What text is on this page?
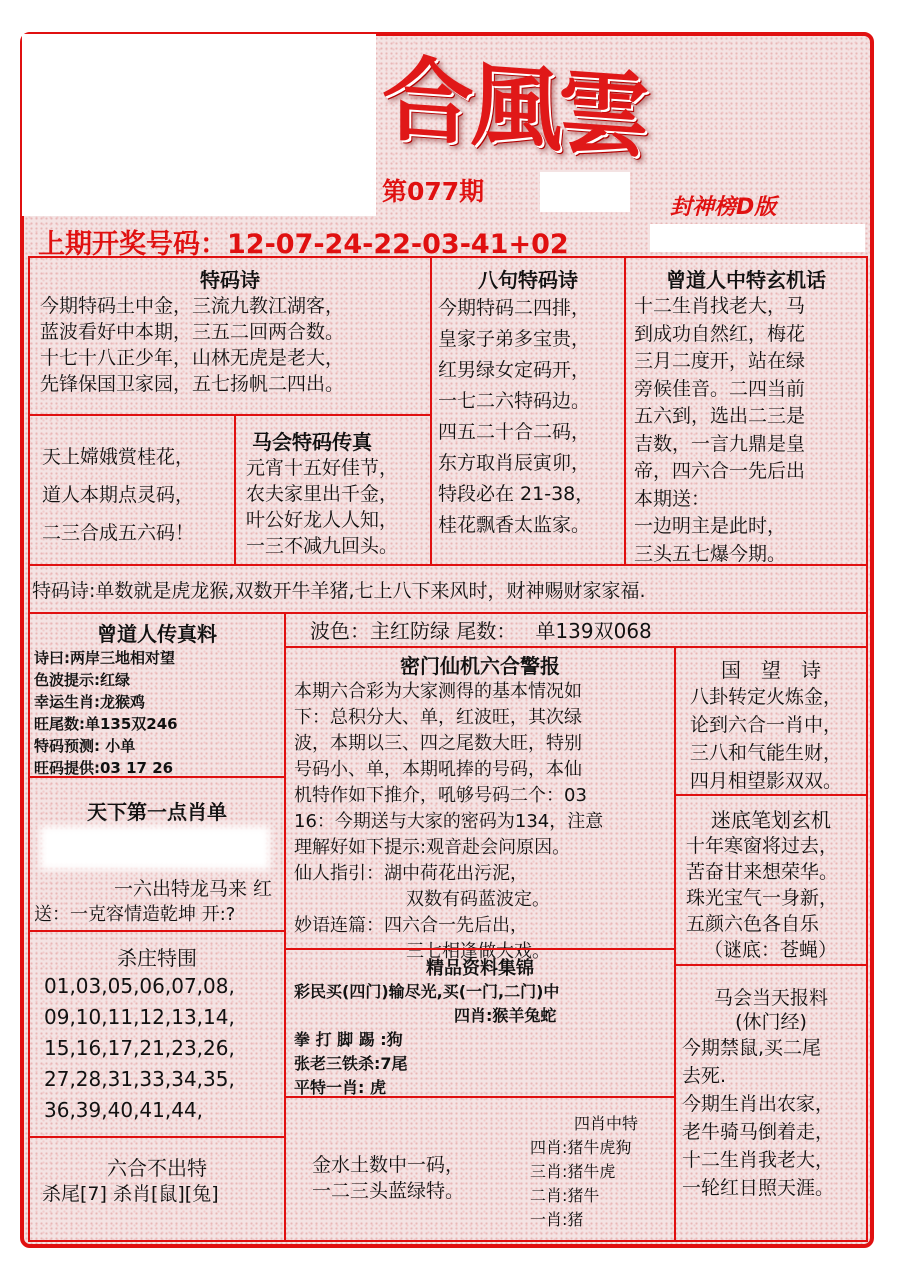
合風雲
第077期
封神榜D版
上期开奖号码：12-07-24-22-03-41+02
特码诗
今期特码土中金，三流九教江湖客，
蓝波看好中本期，三五二回两合数。
十七十八正少年，山林无虎是老大，
先锋保国卫家园，五七扬帆二四出。
八句特码诗
今期特码二四排，
皇家子弟多宝贵，
红男绿女定码开，
一七二六特码边。
四五二十合二码，
东方取肖辰寅卯，
特段必在 21-38，
桂花飘香太监家。
曾道人中特玄机话
十二生肖找老大，马
到成功自然红，梅花
三月二度开，站在绿
旁候佳音。二四当前
五六到，选出二三是
吉数，一言九鼎是皇
帝，四六合一先后出
本期送：
一边明主是此时，
三头五七爆今期。
天上嫦娥赏桂花，
道人本期点灵码，
二三合成五六码！
马会特码传真
元宵十五好佳节，
农夫家里出千金，
叶公好龙人人知，
一三不减九回头。
特码诗:单数就是虎龙猴,双数开牛羊猪,七上八下来风时，财神赐财家家福.
曾道人传真料
诗曰:两岸三地相对望
色波提示:红绿
幸运生肖:龙猴鸡
旺尾数:单135双246
特码预测: 小单
旺码提供:03 17 26
波色：主红防绿 尾数： 单139双068
密门仙机六合警报
本期六合彩为大家测得的基本情况如
下：总积分大、单，红波旺，其次绿
波，本期以三、四之尾数大旺，特别
号码小、单，本期吼捧的号码，本仙
机特作如下推介，吼够号码二个：03
16：今期送与大家的密码为134，注意
理解好如下提示:观音赴会问原因。
仙人指引：湖中荷花出污泥，
双数有码蓝波定。
妙语连篇：四六合一先后出，
三七相逢做大戏。
国　望　诗
八卦转定火炼金，
论到六合一肖中，
三八和气能生财，
四月相望影双双。
迷底笔划玄机
十年寒窗将过去，
苦奋甘来想荣华。
珠光宝气一身新，
五颜六色各自乐
（谜底：苍蝇）
天下第一点肖单
一六出特龙马来 红
送：一克容情造乾坤 开:?
杀庄特围
01,03,05,06,07,08,
09,10,11,12,13,14,
15,16,17,21,23,26,
27,28,31,33,34,35,
36,39,40,41,44,
六合不出特
杀尾[7] 杀肖[鼠][兔]
精品资料集锦
彩民买(四门)输尽光,买(一门,二门)中
四肖:猴羊兔蛇
拳 打 脚 踢 :狗
张老三铁杀:7尾
平特一肖: 虎
金水土数中一码，
一二三头蓝绿特。
四肖中特
四肖:猪牛虎狗
三肖:猪牛虎
二肖:猪牛
一肖:猪
马会当天报料
(休门经)
今期禁鼠,买二尾
去死.
今期生肖出农家，
老牛骑马倒着走，
十二生肖我老大，
一轮红日照天涯。
